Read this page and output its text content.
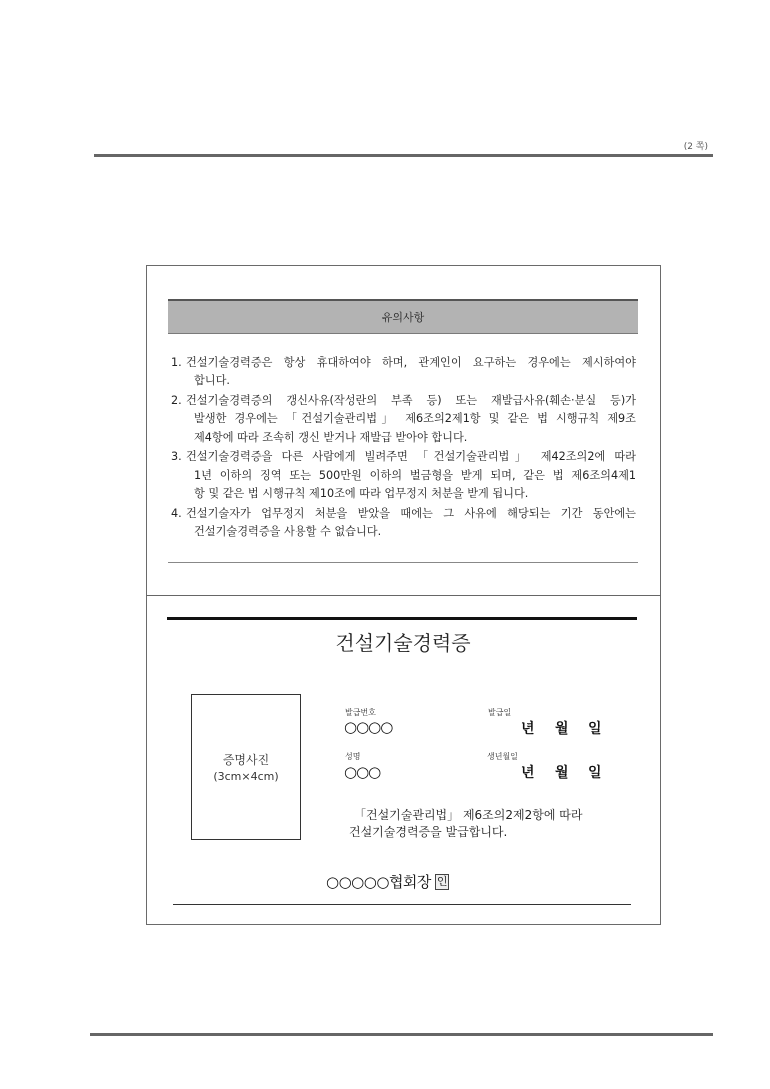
(2 쪽)
유의사항
1. 건설기술경력증은 항상 휴대하여야 하며, 관계인이 요구하는 경우에는 제시하여야
합니다.
2. 건설기술경력증의 갱신사유(작성란의 부족 등) 또는 재발급사유(훼손·분실 등)가
발생한 경우에는 「건설기술관리법」 제6조의2제1항 및 같은 법 시행규칙 제9조
제4항에 따라 조속히 갱신 받거나 재발급 받아야 합니다.
3. 건설기술경력증을 다른 사람에게 빌려주면 「건설기술관리법」 제42조의2에 따라
1년 이하의 징역 또는 500만원 이하의 벌금형을 받게 되며, 같은 법 제6조의4제1
항 및 같은 법 시행규칙 제10조에 따라 업무정지 처분을 받게 됩니다.
4. 건설기술자가 업무정지 처분을 받았을 때에는 그 사유에 해당되는 기간 동안에는
건설기술경력증을 사용할 수 없습니다.
건설기술경력증
증명사진
(3cm×4cm)
발급번호
○○○○
성명
○○○
발급일
년 월 일
생년월일
년 월 일
「건설기술관리법」 제6조의2제2항에 따라
건설기술경력증을 발급합니다.
○○○○○협회장 인
